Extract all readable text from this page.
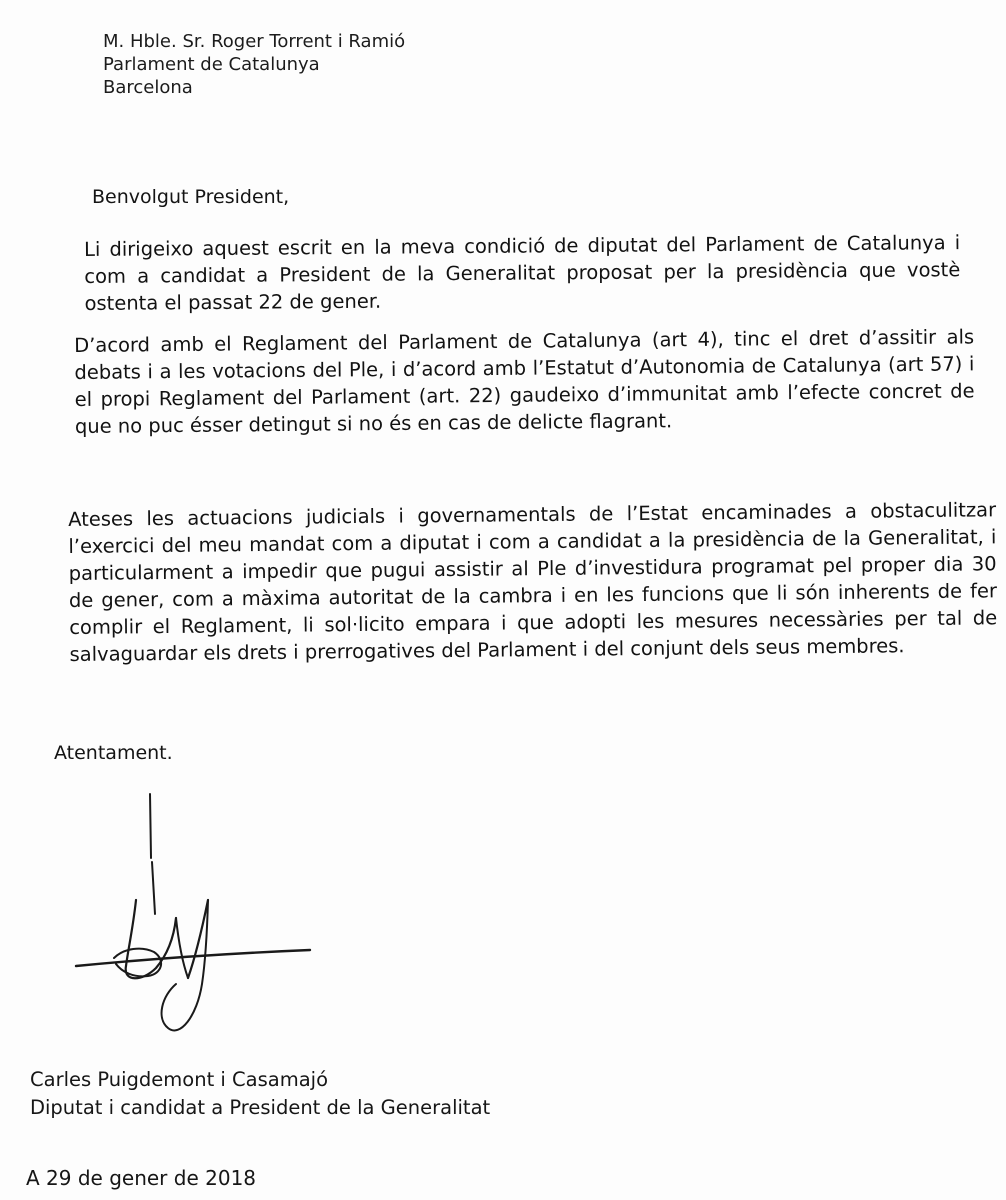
M. Hble. Sr. Roger Torrent i Ramió
Parlament de Catalunya
Barcelona
Benvolgut President,
Li dirigeixo aquest escrit en la meva condició de diputat del Parlament de Catalunya i com a candidat a President de la Generalitat proposat per la presidència que vostè ostenta el passat 22 de gener.
D’acord amb el Reglament del Parlament de Catalunya (art 4), tinc el dret d’assitir als debats i a les votacions del Ple, i d’acord amb l’Estatut d’Autonomia de Catalunya (art 57) i el propi Reglament del Parlament (art. 22) gaudeixo d’immunitat amb l’efecte concret de que no puc ésser detingut si no és en cas de delicte flagrant.
Ateses les actuacions judicials i governamentals de l’Estat encaminades a obstaculitzar l’exercici del meu mandat com a diputat i com a candidat a la presidència de la Generalitat, i particularment a impedir que pugui assistir al Ple d’investidura programat pel proper dia 30 de gener, com a màxima autoritat de la cambra i en les funcions que li són inherents de fer complir el Reglament, li sol·licito empara i que adopti les mesures necessàries per tal de salvaguardar els drets i prerrogatives del Parlament i del conjunt dels seus membres.
Atentament.
Carles Puigdemont i Casamajó
Diputat i candidat a President de la Generalitat
A 29 de gener de 2018
